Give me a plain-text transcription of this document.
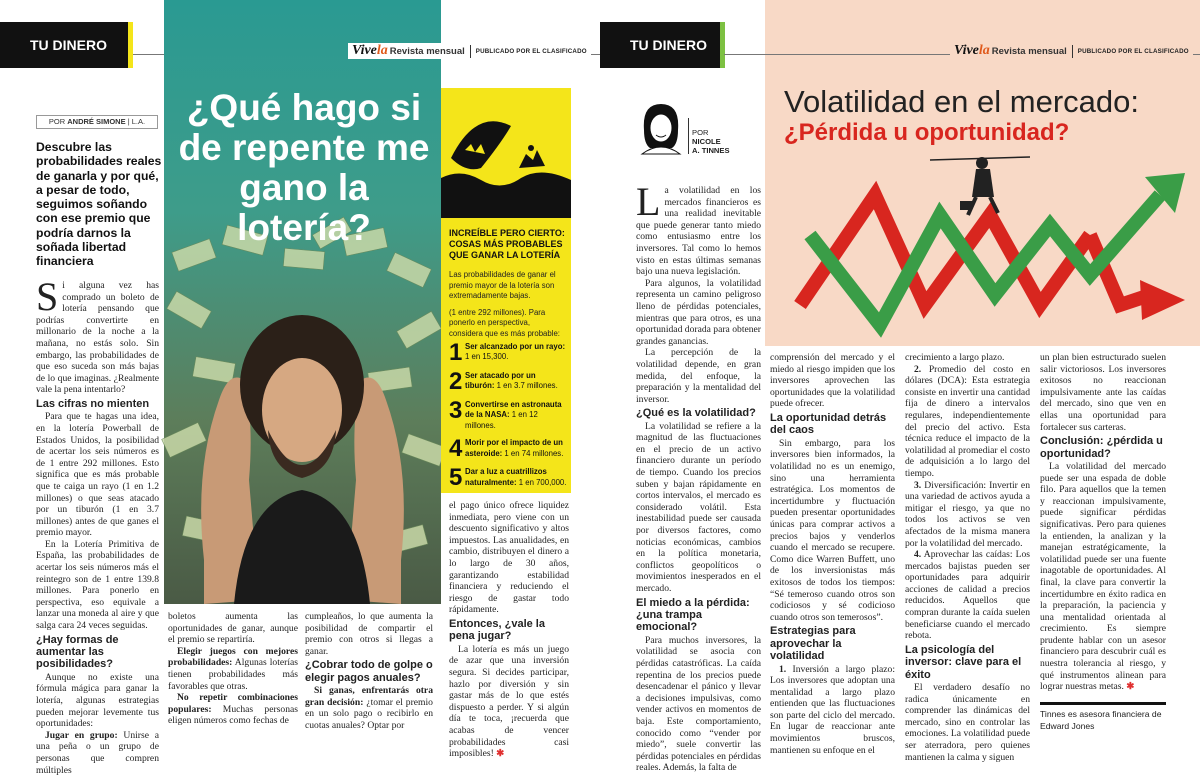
TU DINERO
¿Qué hago si de repente me gano la lotería?
Vivela Revista mensual PUBLICADO POR EL CLASIFICADO
POR ANDRÉ SIMONE | L.A.
Descubre las probabilidades reales de ganarla y por qué, a pesar de todo, seguimos soñando con ese premio que podría darnos la soñada libertad financiera

Si alguna vez has comprado un boleto de lotería pensando que podrías convertirte en millonario de la noche a la mañana, no estás solo. Sin embargo, las probabilidades de que eso suceda son más bajas de lo que imaginas. ¿Realmente vale la pena intentarlo?

Las cifras no mienten

Para que te hagas una idea, en la lotería Powerball de Estados Unidos, la posibilidad de acertar los seis números es de 1 entre 292 millones. Esto significa que es más probable que te caiga un rayo (1 en 1.2 millones) o que seas atacado por un tiburón (1 en 3.7 millones) antes de que ganes el premio mayor.

En la Lotería Primitiva de España, las probabilidades de acertar los seis números más el reintegro son de 1 entre 139.8 millones. Para ponerlo en perspectiva, eso equivale a lanzar una moneda al aire y que salga cara 24 veces seguidas.

¿Hay formas de aumentar las posibilidades?

Aunque no existe una fórmula mágica para ganar la lotería, algunas estrategias pueden mejorar levemente tus oportunidades:

Jugar en grupo: Unirse a una peña o un grupo de personas que compren múltiples

boletos aumenta las oportunidades de ganar, aunque el premio se repartiría.

Elegir juegos con mejores probabilidades: Algunas loterías tienen probabilidades más favorables que otras.

No repetir combinaciones populares: Muchas personas eligen números como fechas de

cumpleaños, lo que aumenta la posibilidad de compartir el premio con otros si llegas a ganar.

¿Cobrar todo de golpe o elegir pagos anuales?

Si ganas, enfrentarás otra gran decisión: ¿tomar el premio en un solo pago o recibirlo en cuotas anuales? Optar por

INCREÍBLE PERO CIERTO: COSAS MÁS PROBABLES QUE GANAR LA LOTERÍA

Las probabilidades de ganar el premio mayor de la lotería son extremadamente bajas.

(1 entre 292 millones). Para ponerlo en perspectiva, considera que es más probable:

1 Ser alcanzado por un rayo: 1 en 15,300.
2 Ser atacado por un tiburón: 1 en 3.7 millones.
3 Convertirse en astronauta de la NASA: 1 en 12 millones.
4 Morir por el impacto de un asteroide: 1 en 74 millones.
5 Dar a luz a cuatrillizos naturalmente: 1 en 700,000.

el pago único ofrece liquidez inmediata, pero viene con un descuento significativo y altos impuestos. Las anualidades, en cambio, distribuyen el dinero a lo largo de 30 años, garantizando estabilidad financiera y reduciendo el riesgo de gastar todo rápidamente.

Entonces, ¿vale la pena jugar?

La lotería es más un juego de azar que una inversión segura. Si decides participar, hazlo por diversión y sin gastar más de lo que estés dispuesto a perder. Y si algún día te toca, ¡recuerda que acabas de vencer probabilidades casi imposibles! ✱

TU DINERO	Vivela Revista mensual PUBLICADO POR EL CLASIFICADO
Volatilidad en el mercado:
¿Pérdida u oportunidad?
POR
NICOLE
A. TINNES

La volatilidad en los mercados financieros es una realidad inevitable que puede generar tanto miedo como entusiasmo entre los inversores. Tal como lo hemos visto en estas últimas semanas bajo una nueva legislación.

Para algunos, la volatilidad representa un camino peligroso lleno de pérdidas potenciales, mientras que para otros, es una oportunidad dorada para obtener grandes ganancias.

La percepción de la volatilidad depende, en gran medida, del enfoque, la preparación y la mentalidad del inversor.

¿Qué es la volatilidad?

La volatilidad se refiere a la magnitud de las fluctuaciones en el precio de un activo financiero durante un período de tiempo. Cuando los precios suben y bajan rápidamente en cortos intervalos, el mercado es considerado volátil. Esta inestabilidad puede ser causada por diversos factores, como noticias económicas, cambios en la política monetaria, conflictos geopolíticos o movimientos inesperados en el mercado.

El miedo a la pérdida: ¿una trampa emocional?

Para muchos inversores, la volatilidad se asocia con pérdidas catastróficas. La caída repentina de los precios puede desencadenar el pánico y llevar a decisiones impulsivas, como vender activos en momentos de baja. Este comportamiento, conocido como “vender por miedo”, suele convertir las pérdidas potenciales en pérdidas reales. Además, la falta de

comprensión del mercado y el miedo al riesgo impiden que los inversores aprovechen las oportunidades que la volatilidad puede ofrecer.

La oportunidad detrás del caos

Sin embargo, para los inversores bien informados, la volatilidad no es un enemigo, sino una herramienta estratégica. Los momentos de incertidumbre y fluctuación pueden presentar oportunidades únicas para comprar activos a precios bajos y venderlos cuando el mercado se recupere. Como dice Warren Buffett, uno de los inversionistas más exitosos de todos los tiempos: “Sé temeroso cuando otros son codiciosos y sé codicioso cuando otros son temerosos”.

Estrategias para aprovechar la volatilidad

1. Inversión a largo plazo: Los inversores que adoptan una mentalidad a largo plazo entienden que las fluctuaciones son parte del ciclo del mercado. En lugar de reaccionar ante movimientos bruscos, mantienen su enfoque en el

crecimiento a largo plazo.

2. Promedio del costo en dólares (DCA): Esta estrategia consiste en invertir una cantidad fija de dinero a intervalos regulares, independientemente del precio del activo. Esta técnica reduce el impacto de la volatilidad al promediar el costo de adquisición a lo largo del tiempo.

3. Diversificación: Invertir en una variedad de activos ayuda a mitigar el riesgo, ya que no todos los activos se ven afectados de la misma manera por la volatilidad del mercado.

4. Aprovechar las caídas: Los mercados bajistas pueden ser oportunidades para adquirir acciones de calidad a precios reducidos. Aquellos que compran durante la caída suelen beneficiarse cuando el mercado rebota.

La psicología del inversor: clave para el éxito

El verdadero desafío no radica únicamente en comprender las dinámicas del mercado, sino en controlar las emociones. La volatilidad puede ser aterradora, pero quienes mantienen la calma y siguen

un plan bien estructurado suelen salir victoriosos. Los inversores exitosos no reaccionan impulsivamente ante las caídas del mercado, sino que ven en ellas una oportunidad para fortalecer sus carteras.

Conclusión: ¿pérdida u oportunidad?

La volatilidad del mercado puede ser una espada de doble filo. Para aquellos que la temen y reaccionan impulsivamente, puede significar pérdidas significativas. Pero para quienes la entienden, la analizan y la manejan estratégicamente, la volatilidad puede ser una fuente inagotable de oportunidades. Al final, la clave para convertir la incertidumbre en éxito radica en la preparación, la paciencia y una mentalidad orientada al crecimiento. Es siempre prudente hablar con un asesor financiero para descubrir cuál es nuestra tolerancia al riesgo, y qué instrumentos alinean para lograr nuestras metas. ✱

Tinnes es asesora financiera de Edward Jones
